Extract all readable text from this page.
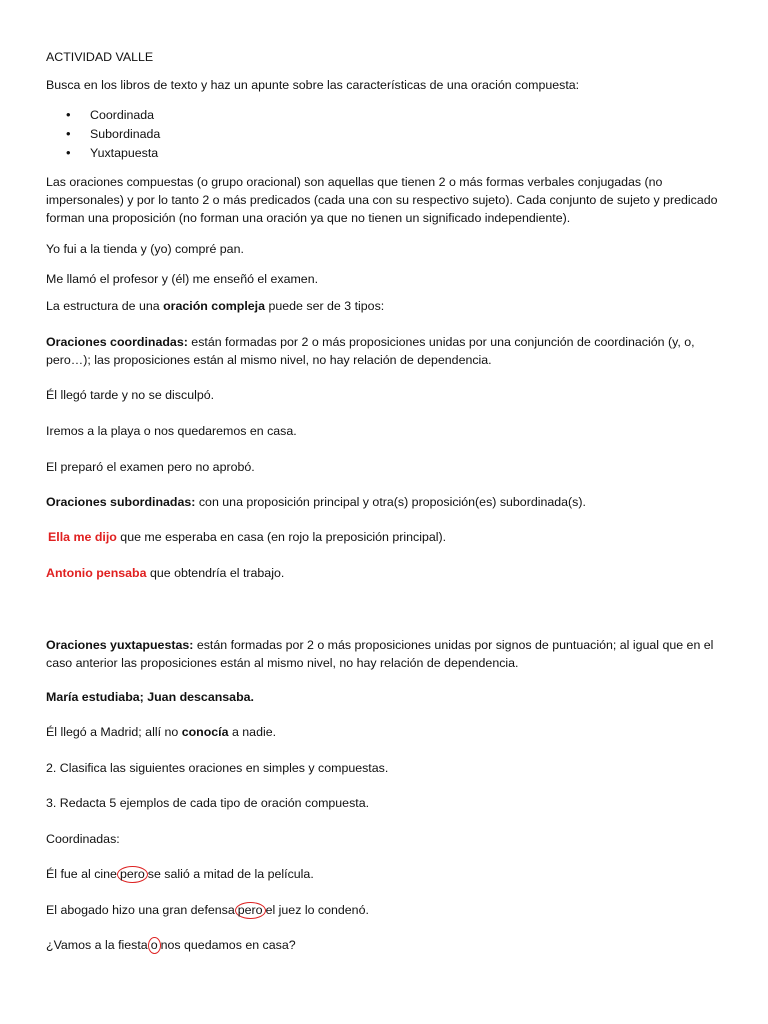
ACTIVIDAD VALLE

Busca en los libros de texto y haz un apunte sobre las características de una oración compuesta:

• Coordinada
• Subordinada
• Yuxtapuesta

Las oraciones compuestas (o grupo oracional) son aquellas que tienen 2 o más formas verbales conjugadas (no impersonales) y por lo tanto 2 o más predicados (cada una con su respectivo sujeto). Cada conjunto de sujeto y predicado forman una proposición (no forman una oración ya que no tienen un significado independiente).

Yo fui a la tienda y (yo) compré pan.

Me llamó el profesor y (él) me enseñó el examen.

La estructura de una oración compleja puede ser de 3 tipos:

Oraciones coordinadas: están formadas por 2 o más proposiciones unidas por una conjunción de coordinación (y, o, pero…); las proposiciones están al mismo nivel, no hay relación de dependencia.

Él llegó tarde y no se disculpó.

Iremos a la playa o nos quedaremos en casa.

El preparó el examen pero no aprobó.

Oraciones subordinadas: con una proposición principal y otra(s) proposición(es) subordinada(s).

Ella me dijo que me esperaba en casa (en rojo la preposición principal).

Antonio pensaba que obtendría el trabajo.

Oraciones yuxtapuestas: están formadas por 2 o más proposiciones unidas por signos de puntuación; al igual que en el caso anterior las proposiciones están al mismo nivel, no hay relación de dependencia.

María estudiaba; Juan descansaba.

Él llegó a Madrid; allí no conocía a nadie.

2. Clasifica las siguientes oraciones en simples y compuestas.

3. Redacta 5 ejemplos de cada tipo de oración compuesta.

Coordinadas:

Él fue al cine pero se salió a mitad de la película.

El abogado hizo una gran defensa pero el juez lo condenó.

¿Vamos a la fiesta o nos quedamos en casa?
